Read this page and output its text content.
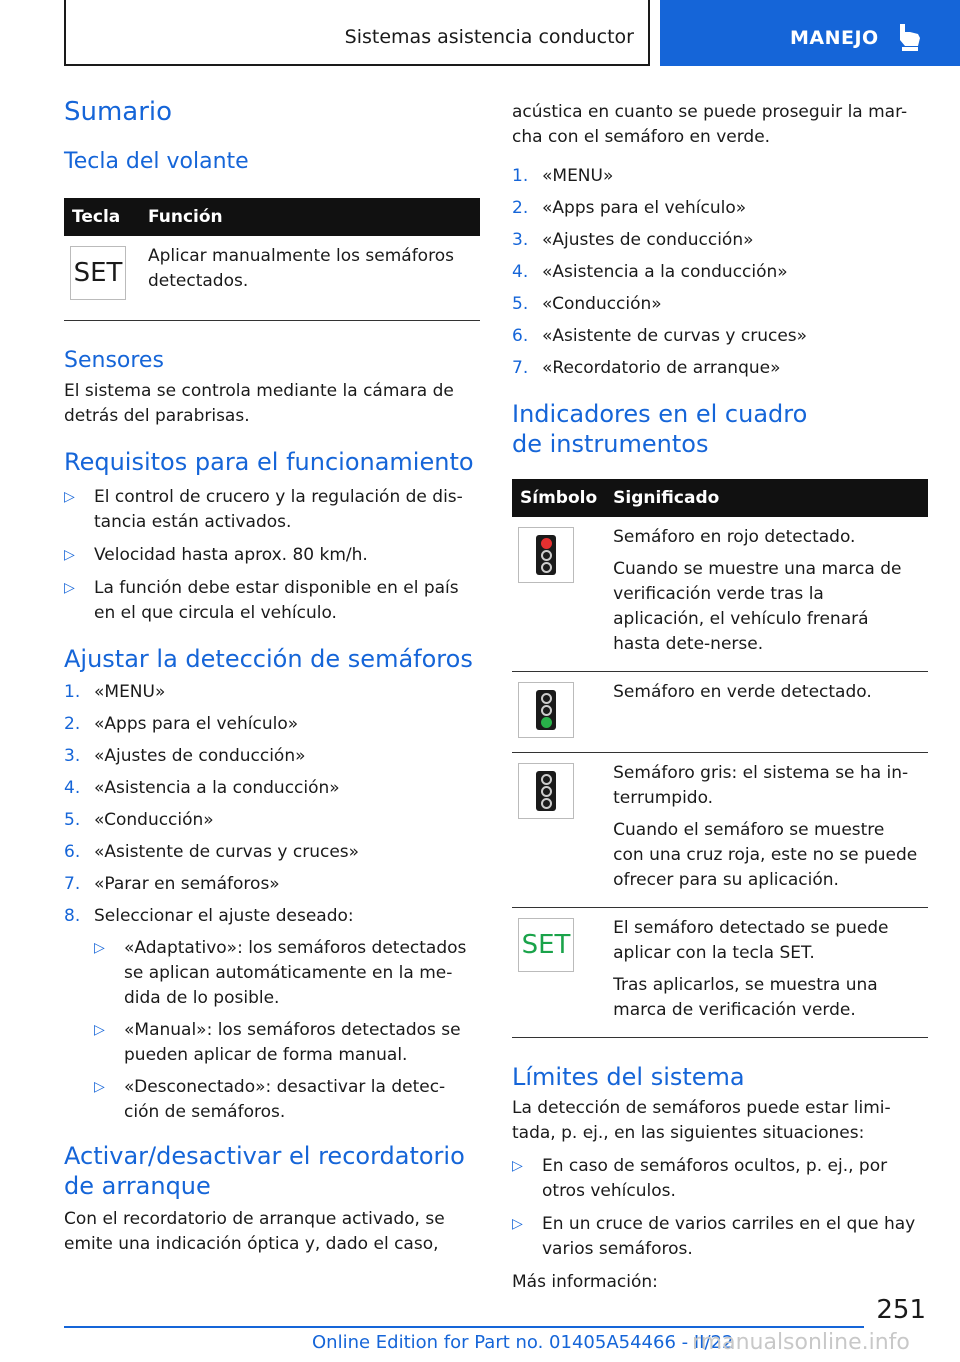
Sistemas asistencia conductor	MANEJO
Sumario
Tecla del volante
Tecla	Función

SET	Aplicar manualmente los semáforos detectados.
Sensores

El sistema se controla mediante la cámara de detrás del parabrisas.

Requisitos para el funcionamiento
▷ El control de crucero y la regulación de dis-tancia están activados.
▷ Velocidad hasta aprox. 80 km/h.
▷ La función debe estar disponible en el país en el que circula el vehículo.
Ajustar la detección de semáforos
1. «MENU»
2. «Apps para el vehículo»
3. «Ajustes de conducción»
4. «Asistencia a la conducción»
5. «Conducción»
6. «Asistente de curvas y cruces»
7. «Parar en semáforos»
8. Seleccionar el ajuste deseado:
▷ «Adaptativo»: los semáforos detectados se aplican automáticamente en la me-dida de lo posible.
▷ «Manual»: los semáforos detectados se pueden aplicar de forma manual.
▷ «Desconectado»: desactivar la detec-ción de semáforos.
Activar/desactivar el recordatorio de arranque

Con el recordatorio de arranque activado, se emite una indicación óptica y, dado el caso,

acústica en cuanto se puede proseguir la mar-cha con el semáforo en verde.

1. «MENU»
2. «Apps para el vehículo»
3. «Ajustes de conducción»
4. «Asistencia a la conducción»
5. «Conducción»
6. «Asistente de curvas y cruces»
7. «Recordatorio de arranque»
Indicadores en el cuadro
de instrumentos
Símbolo	Significado

	Semáforo en rojo detectado.
Cuando se muestre una marca de verificación verde tras la aplicación, el vehículo frenará hasta dete-nerse.

	Semáforo en verde detectado.

	Semáforo gris: el sistema se ha in-terrumpido.
Cuando el semáforo se muestre con una cruz roja, este no se puede ofrecer para su aplicación.

SET	El semáforo detectado se puede aplicar con la tecla SET.
Tras aplicarlos, se muestra una marca de verificación verde.
Límites del sistema

La detección de semáforos puede estar limi-tada, p. ej., en las siguientes situaciones:

▷ En caso de semáforos ocultos, p. ej., por otros vehículos.
▷ En un cruce de varios carriles en el que hay varios semáforos.

Más información:

251
Online Edition for Part no. 01405A54466 - II/22
rmanualsonline.info
